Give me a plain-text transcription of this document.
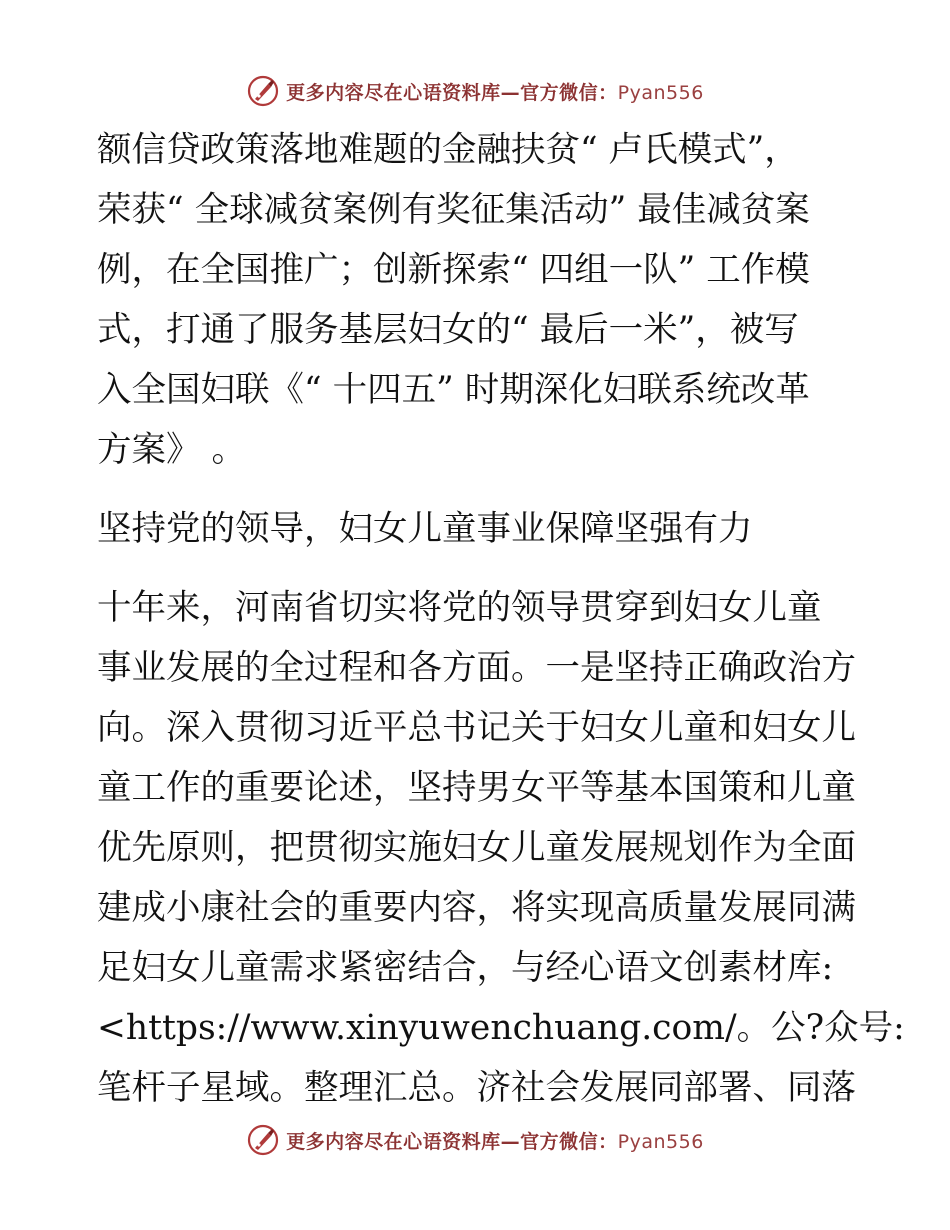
更多内容尽在心语资料库—官方微信：Pyan556
额信贷政策落地难题的金融扶贫“ 卢氏模式”，
荣获“ 全球减贫案例有奖征集活动” 最佳减贫案
例，在全国推广；创新探索“ 四组一队” 工作模
式，打通了服务基层妇女的“ 最后一米”，被写
入全国妇联《“ 十四五” 时期深化妇联系统改革
方案》 。
坚持党的领导，妇女儿童事业保障坚强有力
十年来，河南省切实将党的领导贯穿到妇女儿童
事业发展的全过程和各方面。一是坚持正确政治方
向。深入贯彻习近平总书记关于妇女儿童和妇女儿
童工作的重要论述，坚持男女平等基本国策和儿童
优先原则，把贯彻实施妇女儿童发展规划作为全面
建成小康社会的重要内容，将实现高质量发展同满
足妇女儿童需求紧密结合，与经心语文创素材库:
<https://www.xinyuwenchuang.com/。公?众号:
笔杆子星域。整理汇总。济社会发展同部署、同落
更多内容尽在心语资料库—官方微信：Pyan556
